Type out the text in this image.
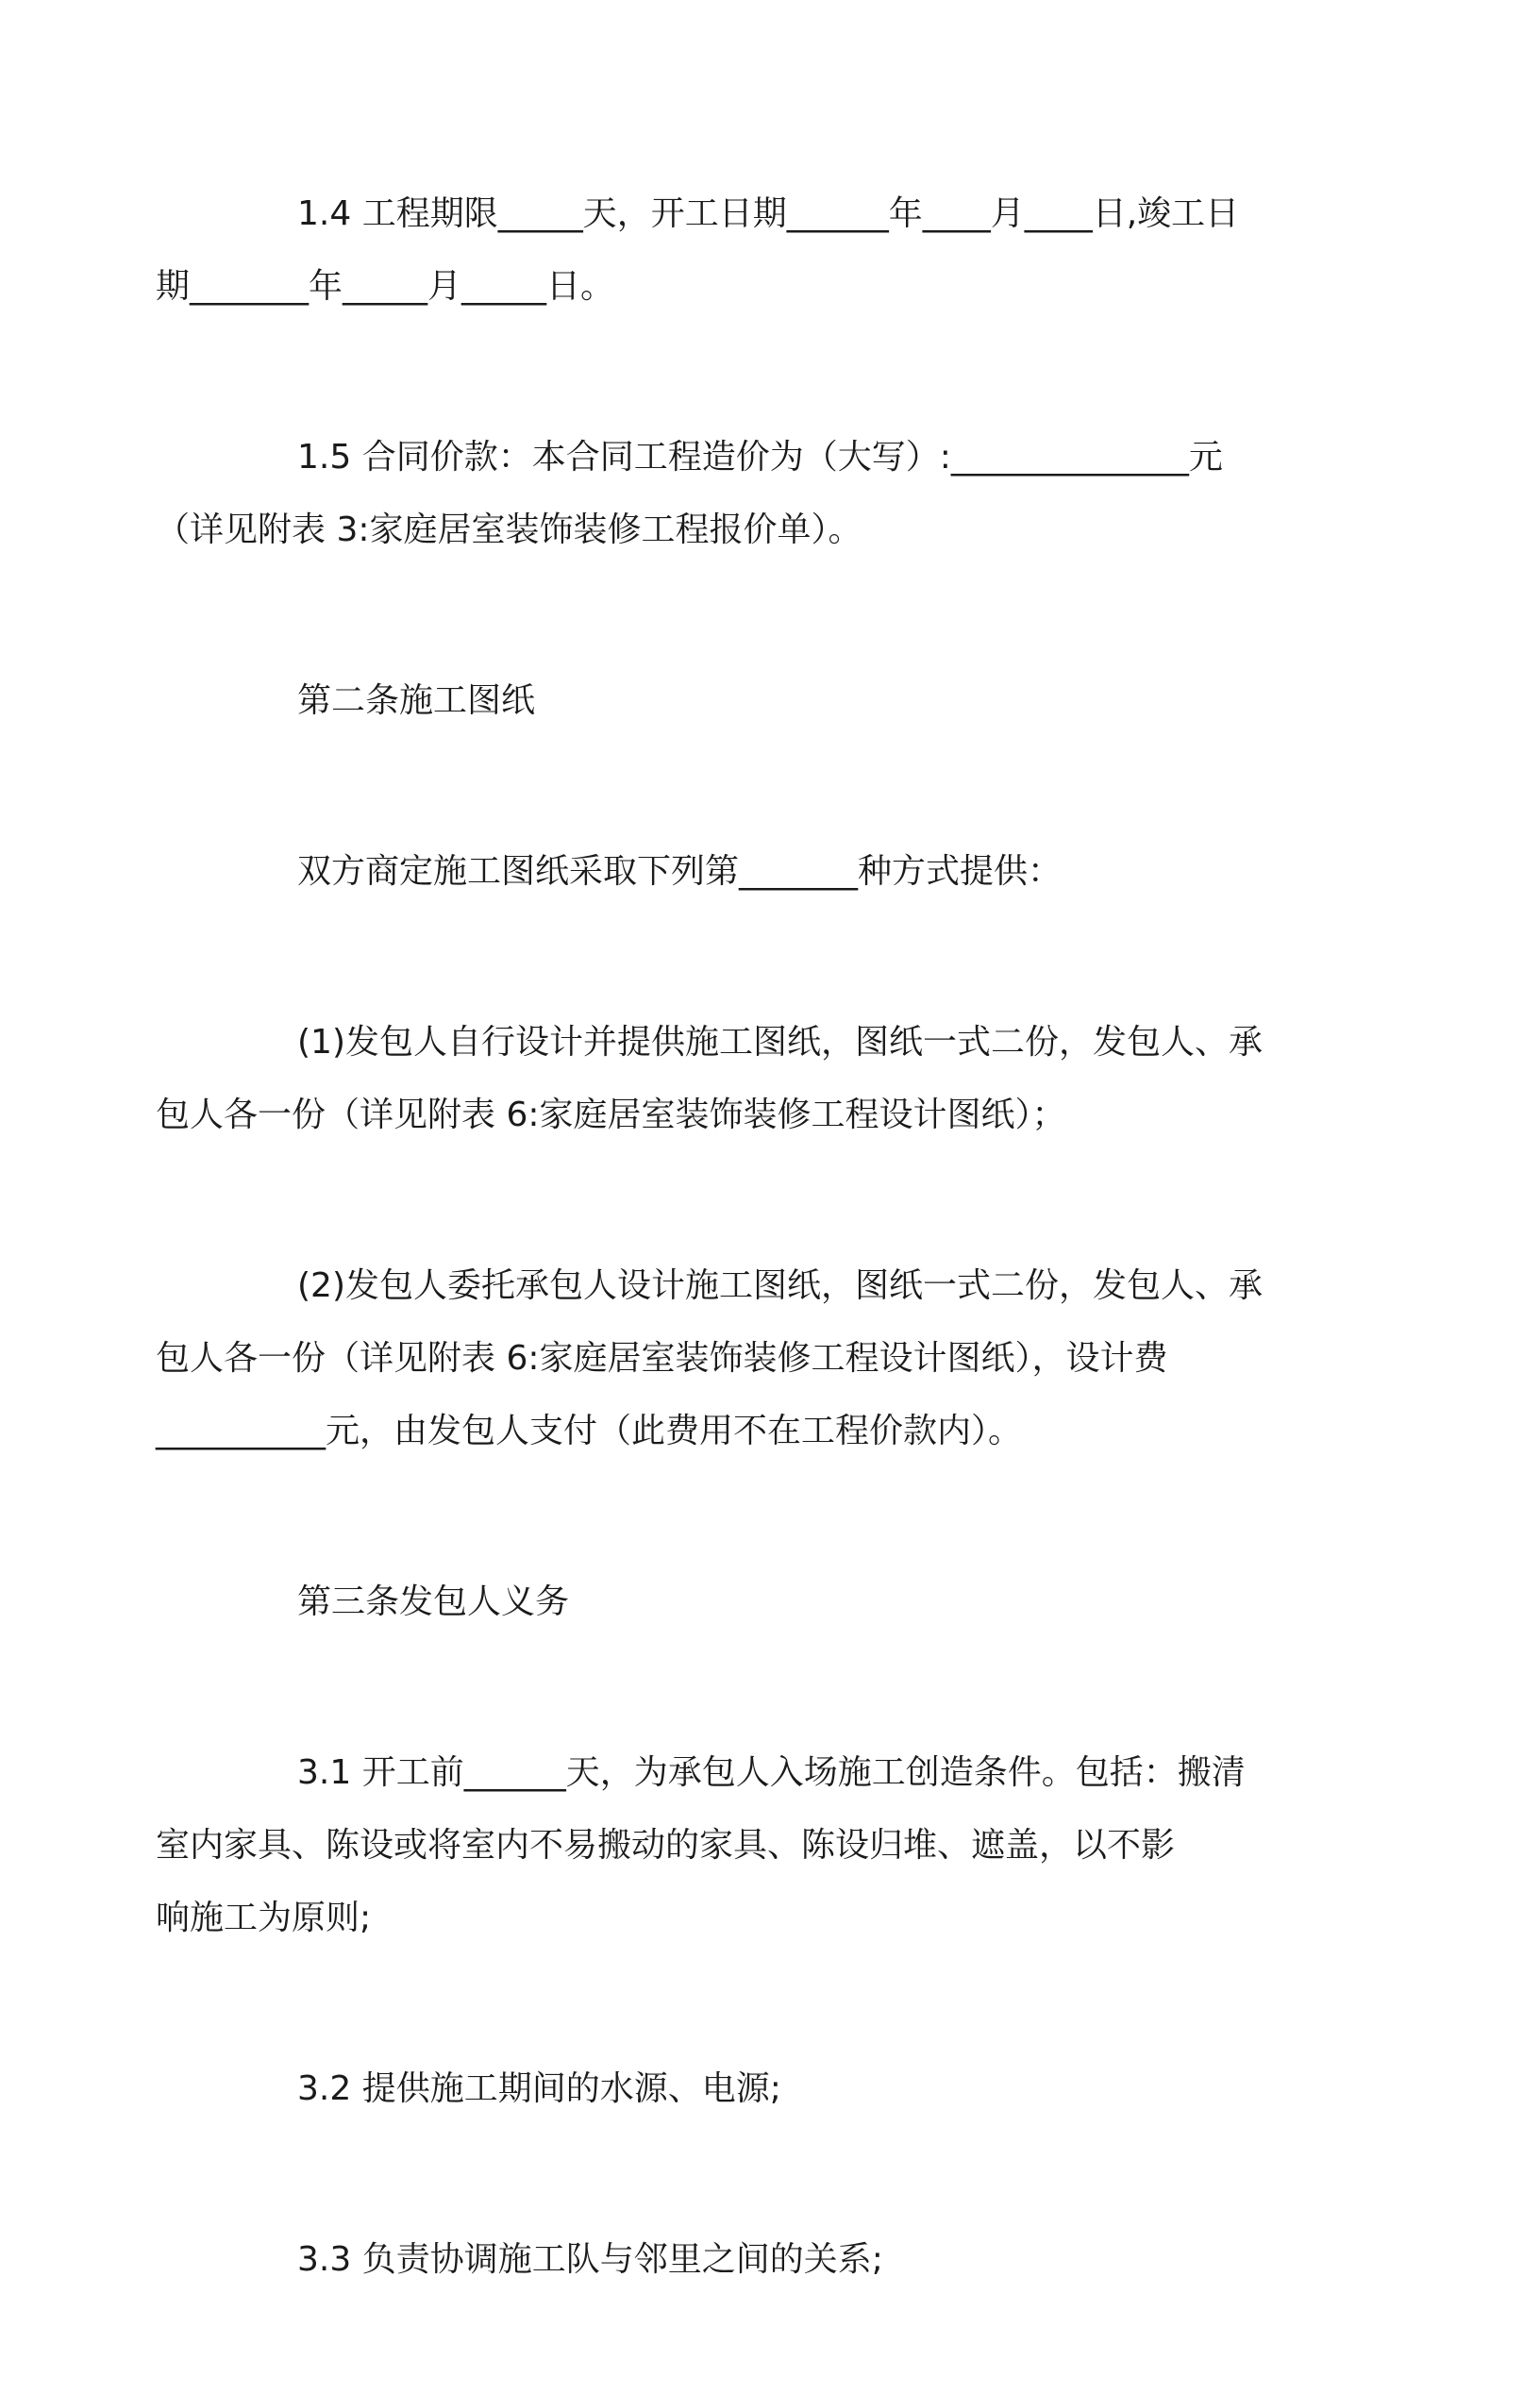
1.4 工程期限_____天，开工日期______年____月____日,竣工日
期_______年_____月_____日。

1.5 合同价款：本合同工程造价为（大写）:______________元
（详见附表 3:家庭居室装饰装修工程报价单）。

第二条施工图纸

双方商定施工图纸采取下列第_______种方式提供：

(1)发包人自行设计并提供施工图纸，图纸一式二份，发包人、承
包人各一份（详见附表 6:家庭居室装饰装修工程设计图纸）；

(2)发包人委托承包人设计施工图纸，图纸一式二份，发包人、承
包人各一份（详见附表 6:家庭居室装饰装修工程设计图纸），设计费
__________元，由发包人支付（此费用不在工程价款内）。

第三条发包人义务

3.1 开工前______天，为承包人入场施工创造条件。包括：搬清
室内家具、陈设或将室内不易搬动的家具、陈设归堆、遮盖，以不影
响施工为原则;

3.2 提供施工期间的水源、电源;

3.3 负责协调施工队与邻里之间的关系;
